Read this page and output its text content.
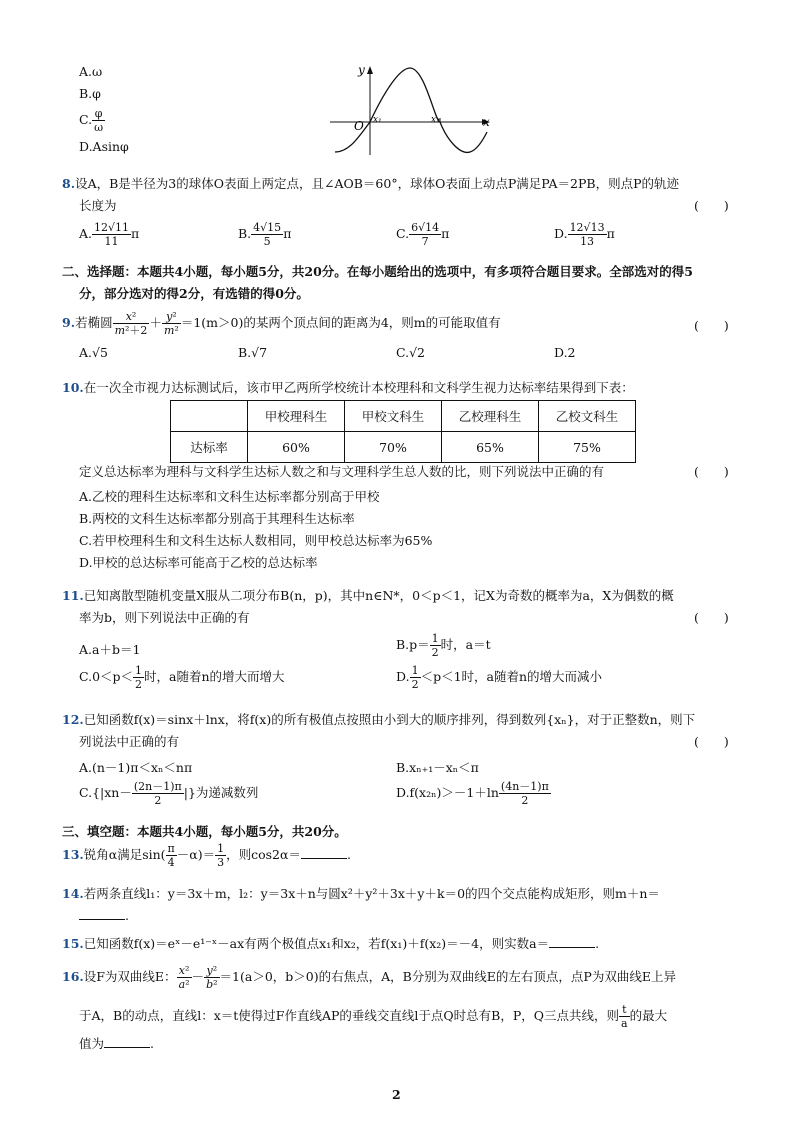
A.ω
B.φ
C. $\frac{\varphi}{\omega}$
D.Asinφ
y
x
O x₁	x₂
8.设A，B是半径为3的球体O表面上两定点，且∠AOB＝60°，球体O表面上动点P满足PA＝2PB，则点P的轨迹
长度为	(　　)
A. $\frac{12√11}{11}$ π	B. $\frac{4√15}{5}$ π	C. $\frac{6√14}{7}$ π	D. $\frac{12√13}{13}$ π
二、选择题：本题共4小题，每小题5分，共20分。在每小题给出的选项中，有多项符合题目要求。全部选对的得5
分，部分选对的得2分，有选错的得0分。
9.若椭圆 $\frac{\text{x²}}{\text{m²＋2}} + \frac{\text{y²}}{\text{m²}} =1(m>0)$的某两个顶点间的距离为4，则m的可能取值有	(　　)
A.√5	B.√7	C.√2	D.2
10.在一次全市视力达标测试后，该市甲乙两所学校统计本校理科和文科学生视力达标率结果得到下表：
	甲校理科生	甲校文科生	乙校理科生	乙校文科生
达标率	60%	70%	65%	75%
定义总达标率为理科与文科学生达标人数之和与文理科学生总人数的比，则下列说法中正确的有	(　　)
A.乙校的理科生达标率和文科生达标率都分别高于甲校
B.两校的文科生达标率都分别高于其理科生达标率
C.若甲校理科生和文科生达标人数相同，则甲校总达标率为65%
D.甲校的总达标率可能高于乙校的总达标率
11.已知离散型随机变量X服从二项分布B(n，p)，其中n∈N*，0＜p＜1，记X为奇数的概率为a，X为偶数的概
率为b，则下列说法中正确的有	(　　)
A.a＋b＝1	$B.p= \frac{1}{2}$ 时，a＝t
$C.0<p< \frac{1}{2}$ 时，a随着n的增大而增大	D. $\frac{1}{2} <p<1$时，a随着n的增大而减小
12.已知函数f(x)＝sinx＋lnx，将f(x)的所有极值点按照由小到大的顺序排列，得到数列{xₙ}，对于正整数n，则下
列说法中正确的有	(　　)
A.(n－1)π＜xₙ＜nπ	B.xₙ₊₁－xₙ＜π
$C.\{|xn- \frac{(2n-1)\pi}{2}$ |}为递减数列	$D.f(x_{2n})>-1+\ln \frac{(4n-1)\pi}{2}$
三、填空题：本题共4小题，每小题5分，共20分。
13.锐角α满足$\sin( \frac{\pi}{4} -\alpha)= \frac{1}{3}$ ，则cos2α＝	.
14.若两条直线l₁：y＝3x＋m，l₂：y＝3x＋n与圆x²＋y²＋3x＋y＋k＝0的四个交点能构成矩形，则m＋n＝
.
15.已知函数f(x)＝eˣ－e¹⁻ˣ－ax有两个极值点x₁和x₂，若f(x₁)＋f(x₂)＝－4，则实数a＝	.
16.设F为双曲线E： $\frac{\text{x²}}{\text{a²}} - \frac{\text{y²}}{\text{b²}} =1(a>0$，b＞0)的右焦点，A，B分别为双曲线E的左右顶点，点P为双曲线E上异
于A，B的动点，直线l：x＝t使得过F作直线AP的垂线交直线l于点Q时总有B，P，Q三点共线，则 $\frac{t}{a}$ 的最大
值为	.
2
